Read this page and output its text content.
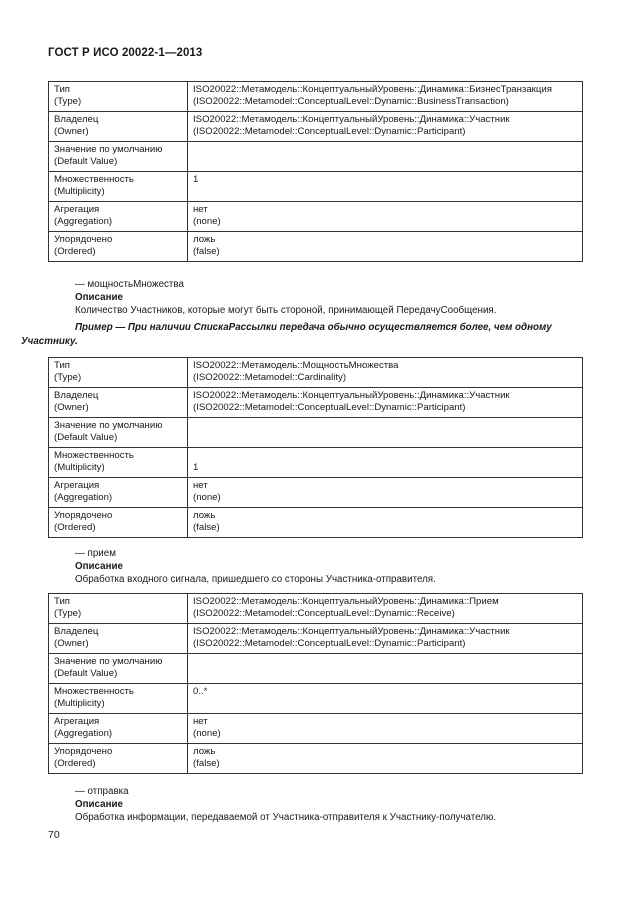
ГОСТ Р ИСО 20022-1—2013
Тип
(Type)	ISO20022::Метамодель::КонцептуальныйУровень::Динамика::БизнесТранзакция
(ISO20022::Metamodel::ConceptualLevel::Dynamic::BusinessTransaction)

Владелец
(Owner)	ISO20022::Метамодель::КонцептуальныйУровень::Динамика::Участник
(ISO20022::Metamodel::ConceptualLevel::Dynamic::Participant)

Значение по умолчанию
(Default Value)	

Множественность
(Multiplicity)	1

Агрегация
(Aggregation)	нет
(none)

Упорядочено
(Ordered)	ложь
(false)
— мощностьМножества
Описание
Количество Участников, которые могут быть стороной, принимающей ПередачуСообщения.
Пример — При наличии СпискаРассылки передача обычно осуществляется более, чем одному
Участнику.
Тип
(Type)	ISO20022::Метамодель::МощностьМножества
(ISO20022::Metamodel::Cardinality)

Владелец
(Owner)	ISO20022::Метамодель::КонцептуальныйУровень::Динамика::Участник
(ISO20022::Metamodel::ConceptualLevel::Dynamic::Participant)

Значение по умолчанию
(Default Value)	

Множественность
(Multiplicity)	1

Агрегация
(Aggregation)	нет
(none)

Упорядочено
(Ordered)	ложь
(false)
— прием
Описание
Обработка входного сигнала, пришедшего со стороны Участника-отправителя.
Тип
(Type)	ISO20022::Метамодель::КонцептуальныйУровень::Динамика::Прием
(ISO20022::Metamodel::ConceptualLevel::Dynamic::Receive)

Владелец
(Owner)	ISO20022::Метамодель::КонцептуальныйУровень::Динамика::Участник
(ISO20022::Metamodel::ConceptualLevel::Dynamic::Participant)

Значение по умолчанию
(Default Value)	

Множественность
(Multiplicity)	0..*

Агрегация
(Aggregation)	нет
(none)

Упорядочено
(Ordered)	ложь
(false)
— отправка
Описание
Обработка информации, передаваемой от Участника-отправителя к Участнику-получателю.
70
